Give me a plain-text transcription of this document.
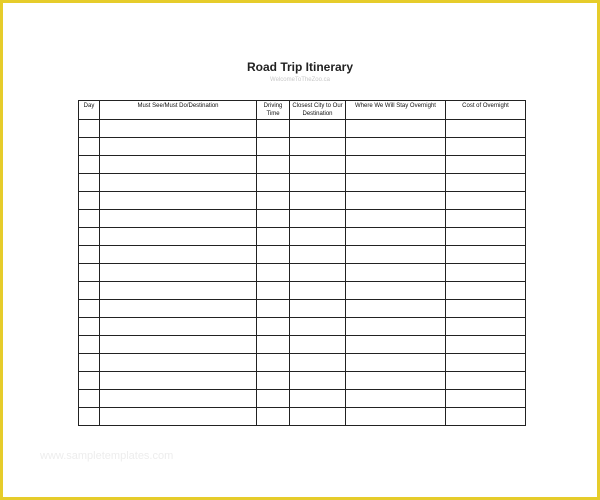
Road Trip Itinerary

WelcomeToTheZoo.ca

Day	Must See/Must Do/Destination	Driving Time	Closest City to Our Destination	Where We Will Stay Overnight	Cost of Overnight

www.sampletemplates.com
